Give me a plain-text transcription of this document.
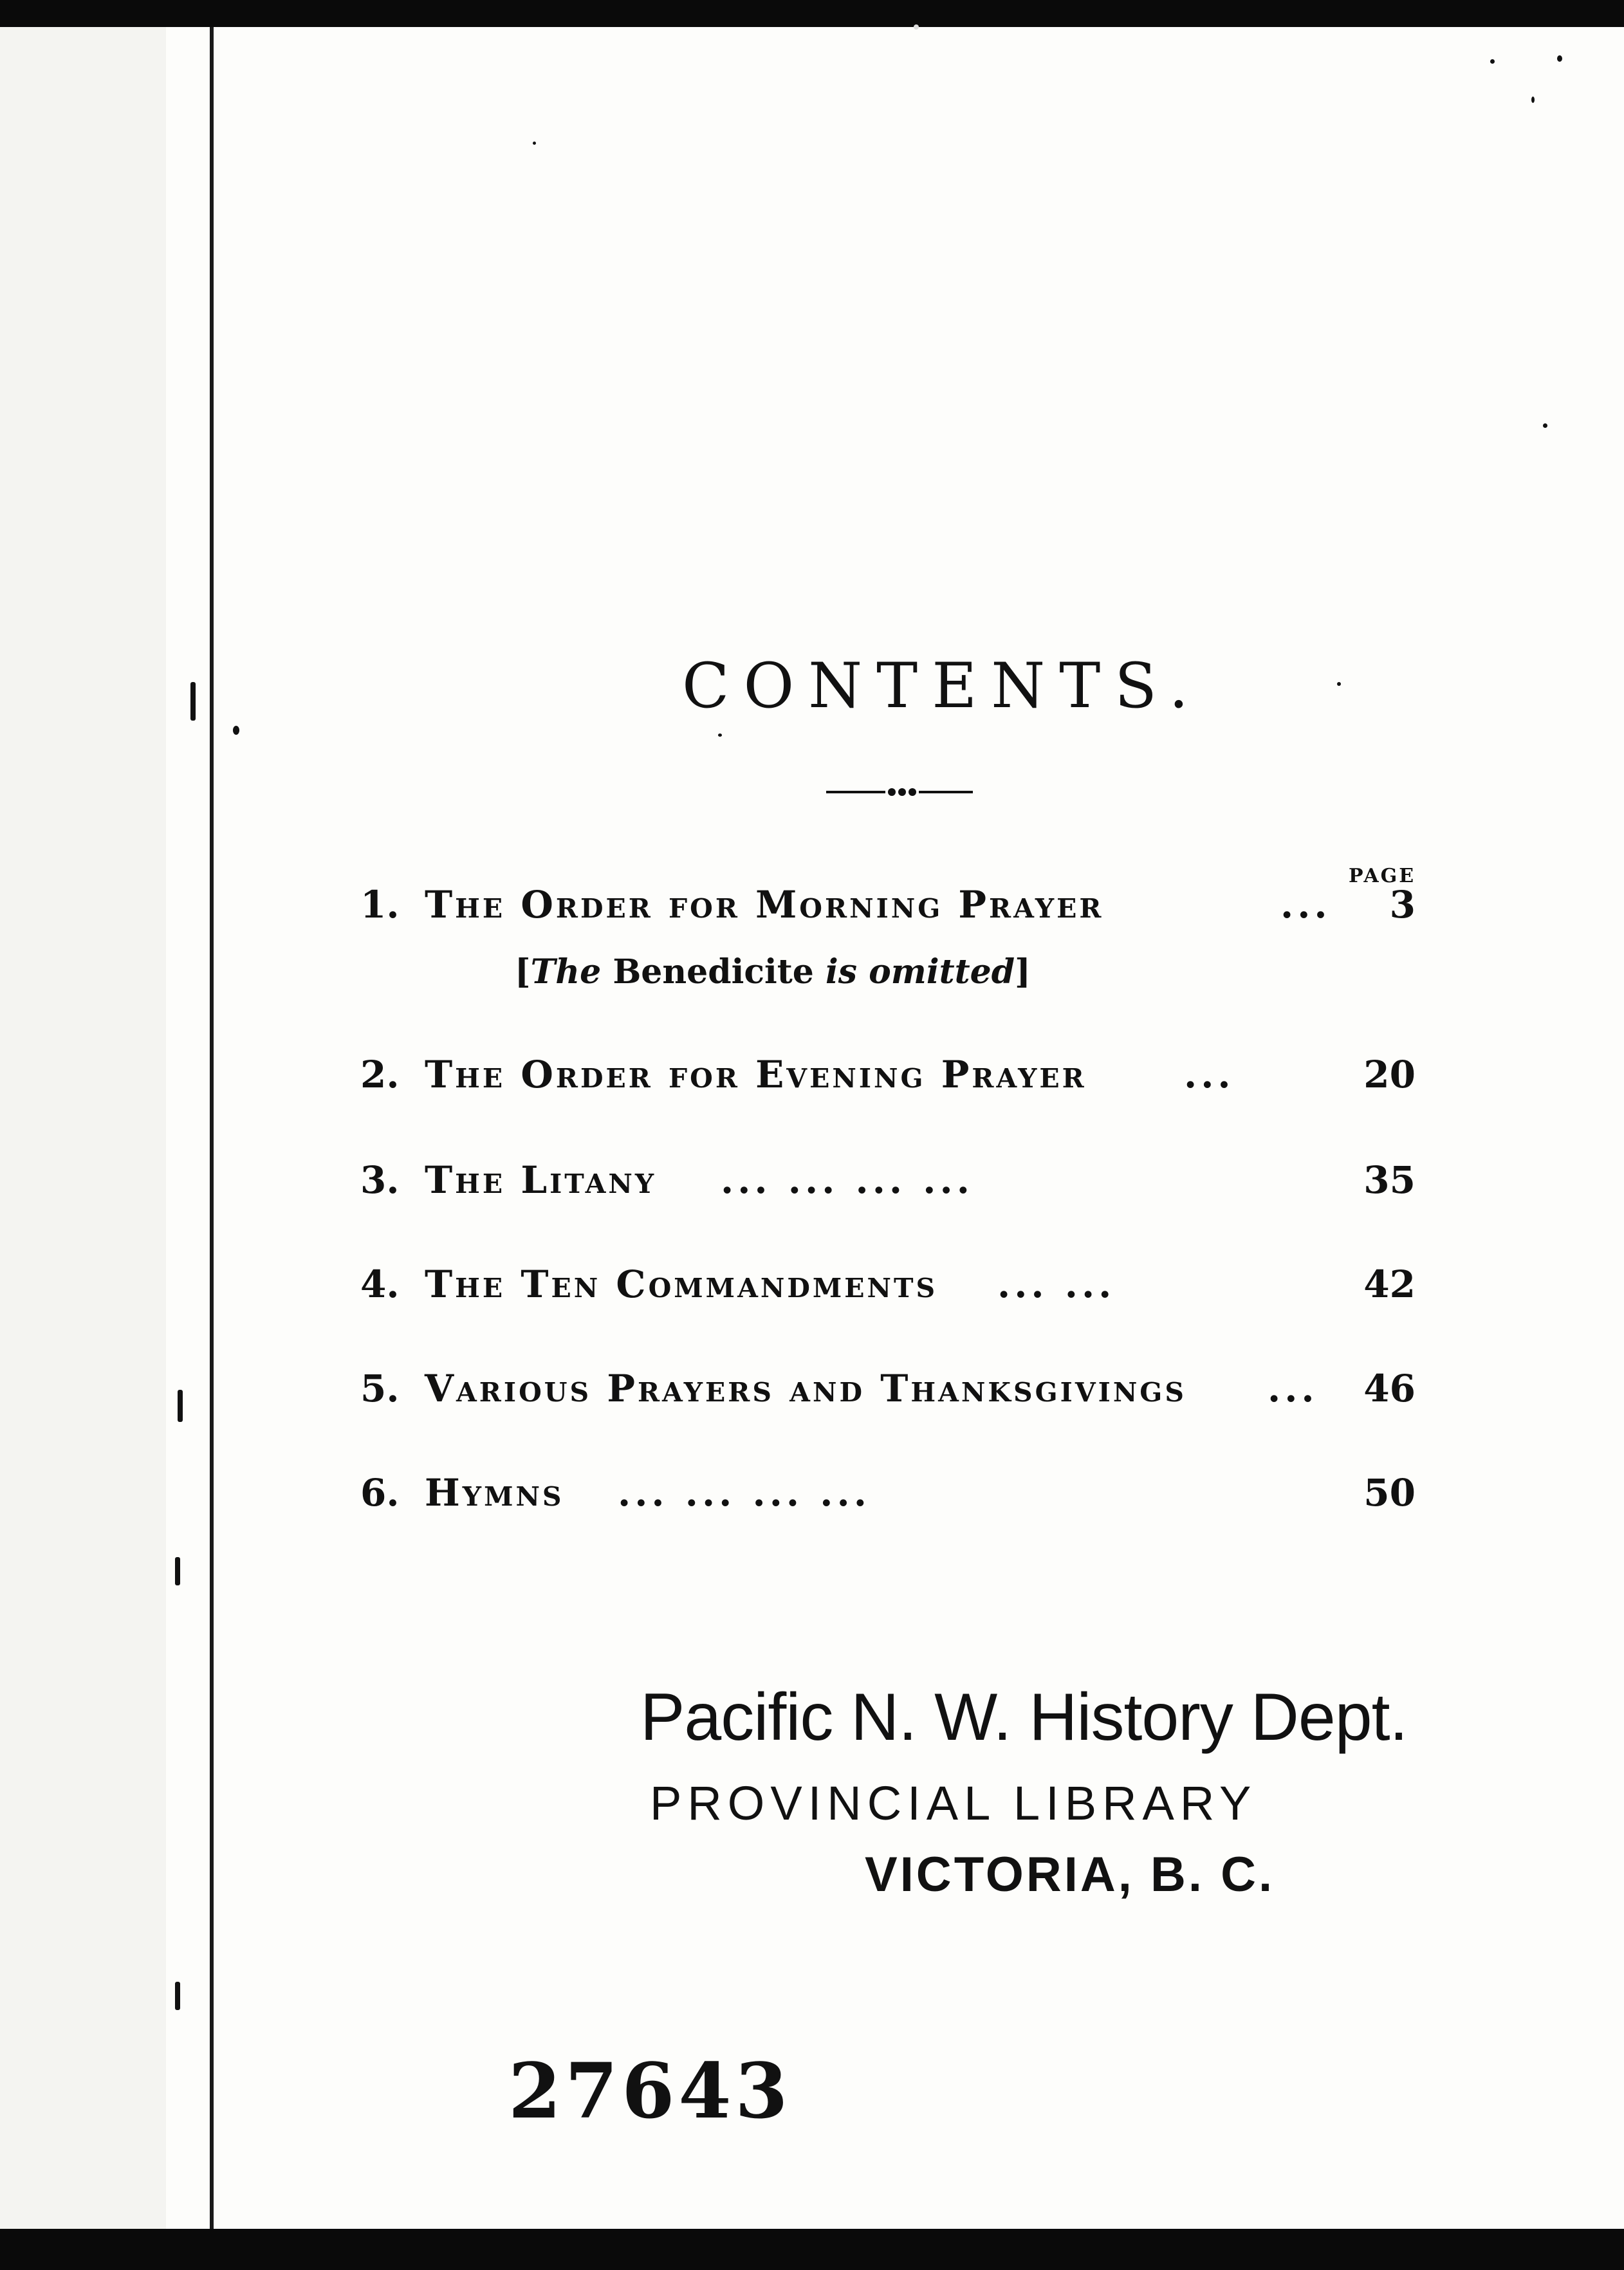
CONTENTS.
PAGE
1. The Order for Morning Prayer	... 3
[The Benedicite is omitted]
2. The Order for Evening Prayer	...	20
3. The Litany ... ... ... ...	35
4. The Ten Commandments ... ...	42
5. Various Prayers and Thanksgivings ... 46
6. Hymns ... ... ... ...	50
Pacific N. W. History Dept.
PROVINCIAL LIBRARY
VICTORIA, B. C.
27643
